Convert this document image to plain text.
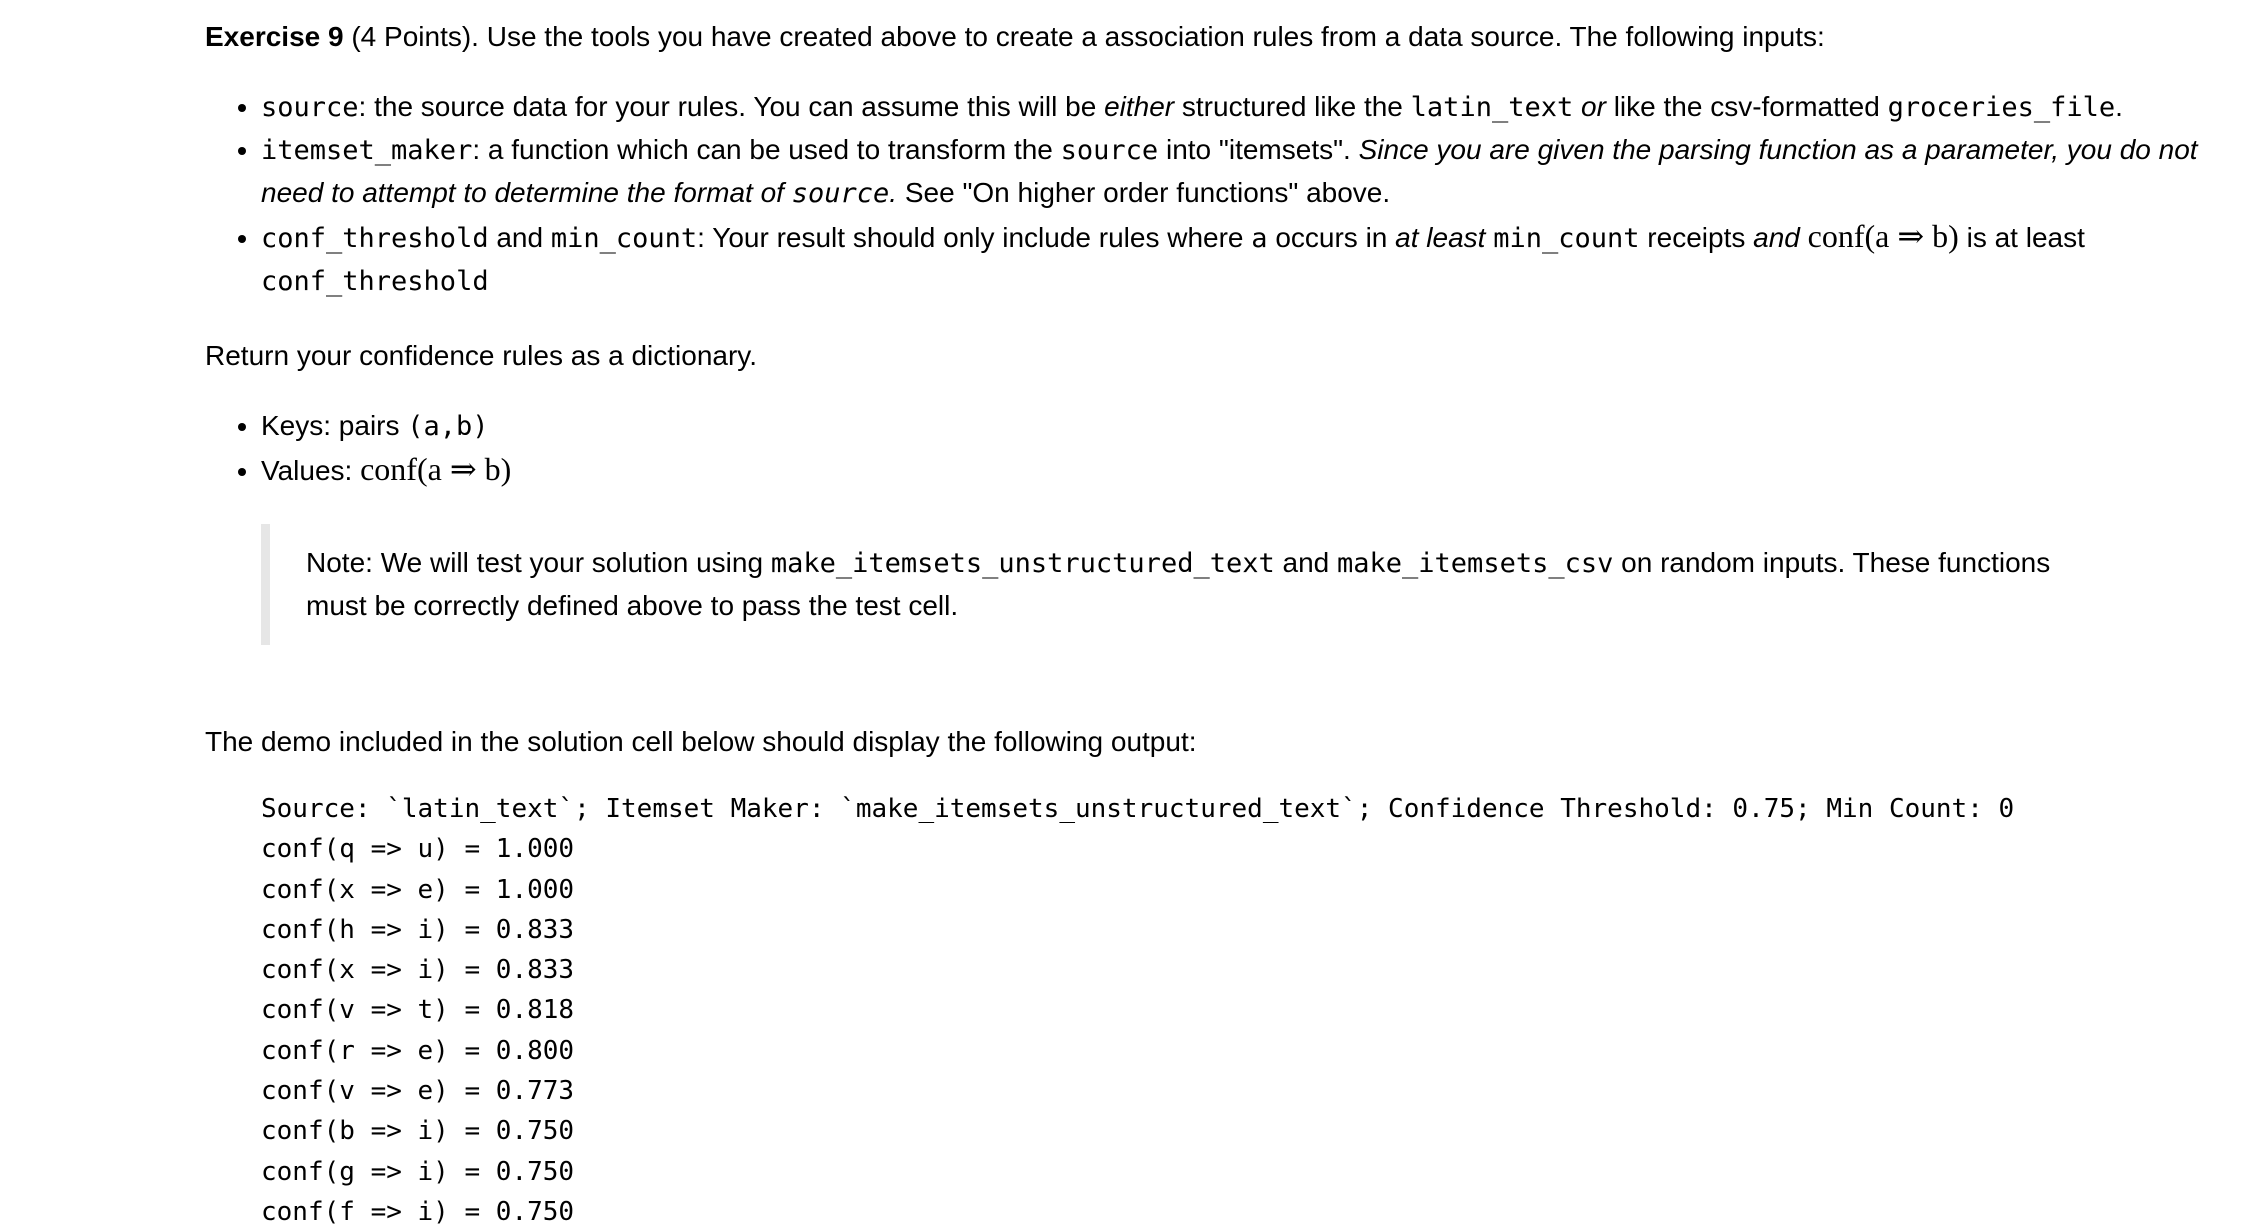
Exercise 9 (4 Points). Use the tools you have created above to create a association rules from a data source. The following inputs:

• source: the source data for your rules. You can assume this will be either structured like the latin_text or like the csv-formatted groceries_file.
• itemset_maker: a function which can be used to transform the source into "itemsets". Since you are given the parsing function as a parameter, you do not need to attempt to determine the format of source. See "On higher order functions" above.
• conf_threshold and min_count: Your result should only include rules where a occurs in at least min_count receipts and conf(a ⇒ b) is at least
conf_threshold

Return your confidence rules as a dictionary.

• Keys: pairs (a,b)
• Values: conf(a ⇒ b)
Note: We will test your solution using make_itemsets_unstructured_text and make_itemsets_csv on random inputs. These functions must be correctly defined above to pass the test cell.

The demo included in the solution cell below should display the following output:

Source: `latin_text`; Itemset Maker: `make_itemsets_unstructured_text`; Confidence Threshold: 0.75; Min Count: 0
conf(q => u) = 1.000
conf(x => e) = 1.000
conf(h => i) = 0.833
conf(x => i) = 0.833
conf(v => t) = 0.818
conf(r => e) = 0.800
conf(v => e) = 0.773
conf(b => i) = 0.750
conf(g => i) = 0.750
conf(f => i) = 0.750
